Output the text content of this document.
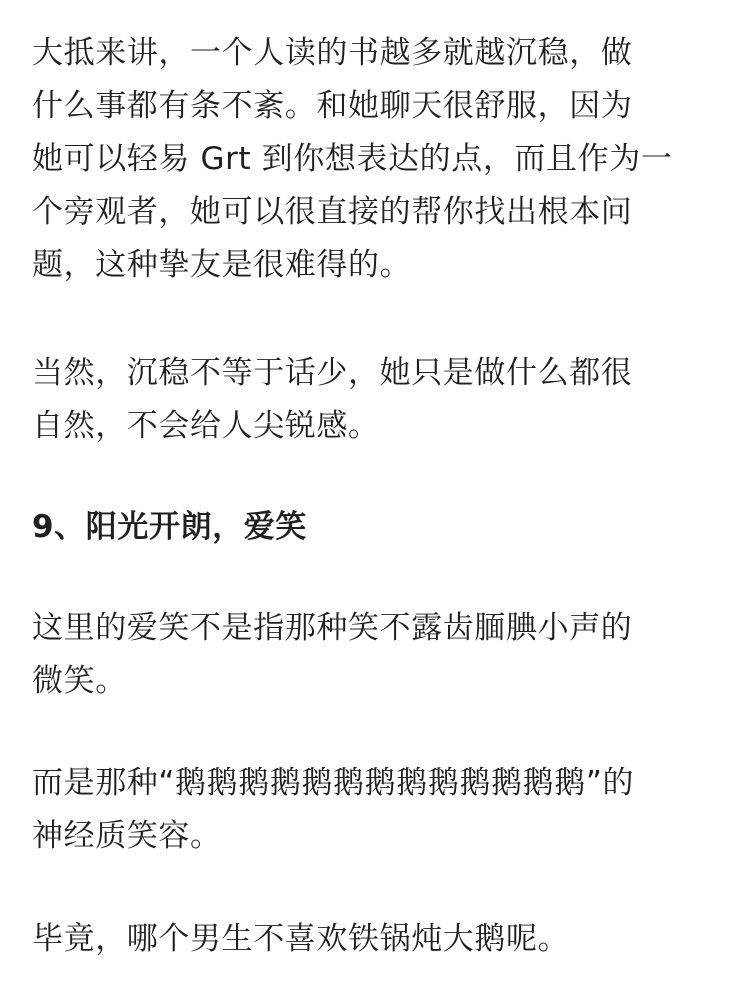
大抵来讲，一个人读的书越多就越沉稳，做
什么事都有条不紊。和她聊天很舒服，因为
她可以轻易 Grt 到你想表达的点，而且作为一
个旁观者，她可以很直接的帮你找出根本问
题，这种挚友是很难得的。

当然，沉稳不等于话少，她只是做什么都很
自然，不会给人尖锐感。

9、阳光开朗，爱笑

这里的爱笑不是指那种笑不露齿腼腆小声的
微笑。

而是那种“鹅鹅鹅鹅鹅鹅鹅鹅鹅鹅鹅鹅鹅”的
神经质笑容。

毕竟，哪个男生不喜欢铁锅炖大鹅呢。
